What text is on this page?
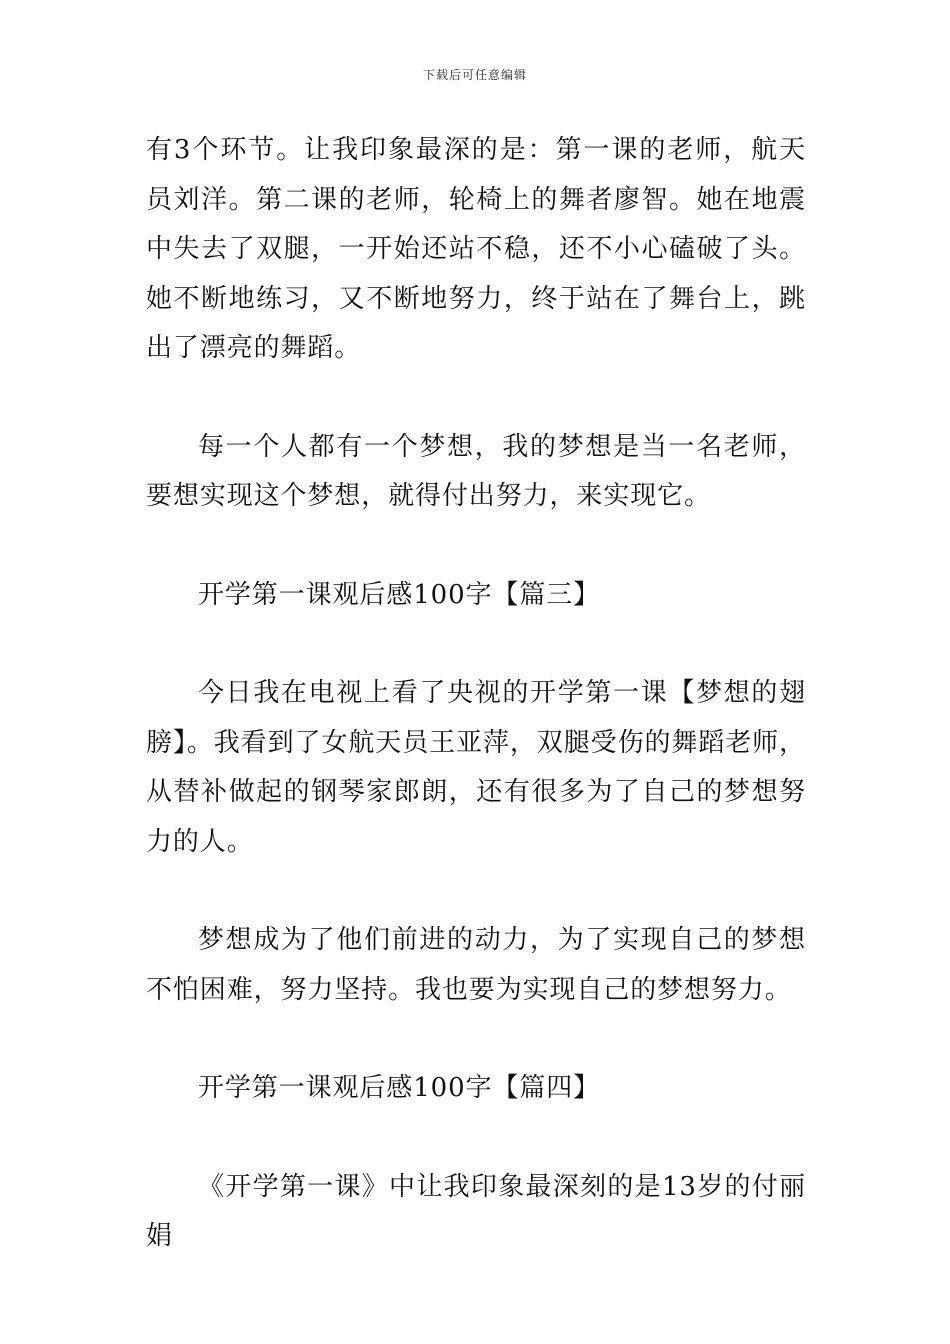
下载后可任意编辑

有3个环节。让我印象最深的是：第一课的老师，航天员刘洋。第二课的老师，轮椅上的舞者廖智。她在地震中失去了双腿，一开始还站不稳，还不小心磕破了头。她不断地练习，又不断地努力，终于站在了舞台上，跳出了漂亮的舞蹈。

每一个人都有一个梦想，我的梦想是当一名老师，要想实现这个梦想，就得付出努力，来实现它。

开学第一课观后感100字【篇三】

今日我在电视上看了央视的开学第一课【梦想的翅膀】。我看到了女航天员王亚萍，双腿受伤的舞蹈老师，从替补做起的钢琴家郎朗，还有很多为了自己的梦想努力的人。

梦想成为了他们前进的动力，为了实现自己的梦想不怕困难，努力坚持。我也要为实现自己的梦想努力。

开学第一课观后感100字【篇四】

《开学第一课》中让我印象最深刻的是13岁的付丽娟
